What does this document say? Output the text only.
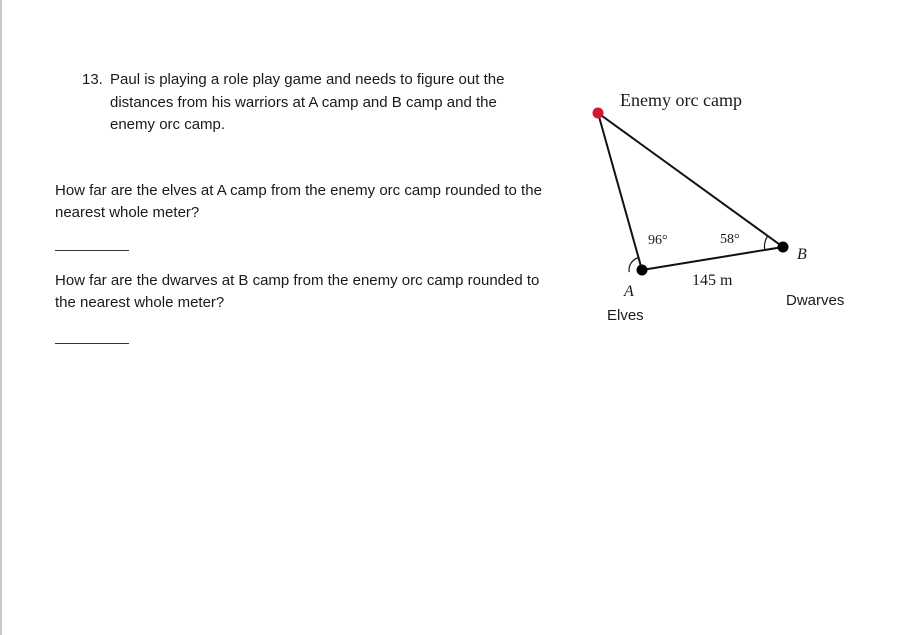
13. Paul is playing a role play game and needs to figure out the
distances from his warriors at A camp and B camp and the
enemy orc camp.
How far are the elves at A camp from the enemy orc camp rounded to the
nearest whole meter?
How far are the dwarves at B camp from the enemy orc camp rounded to
the nearest whole meter?
Enemy orc camp
96°	58°
145 m
A
B
Elves
Dwarves
